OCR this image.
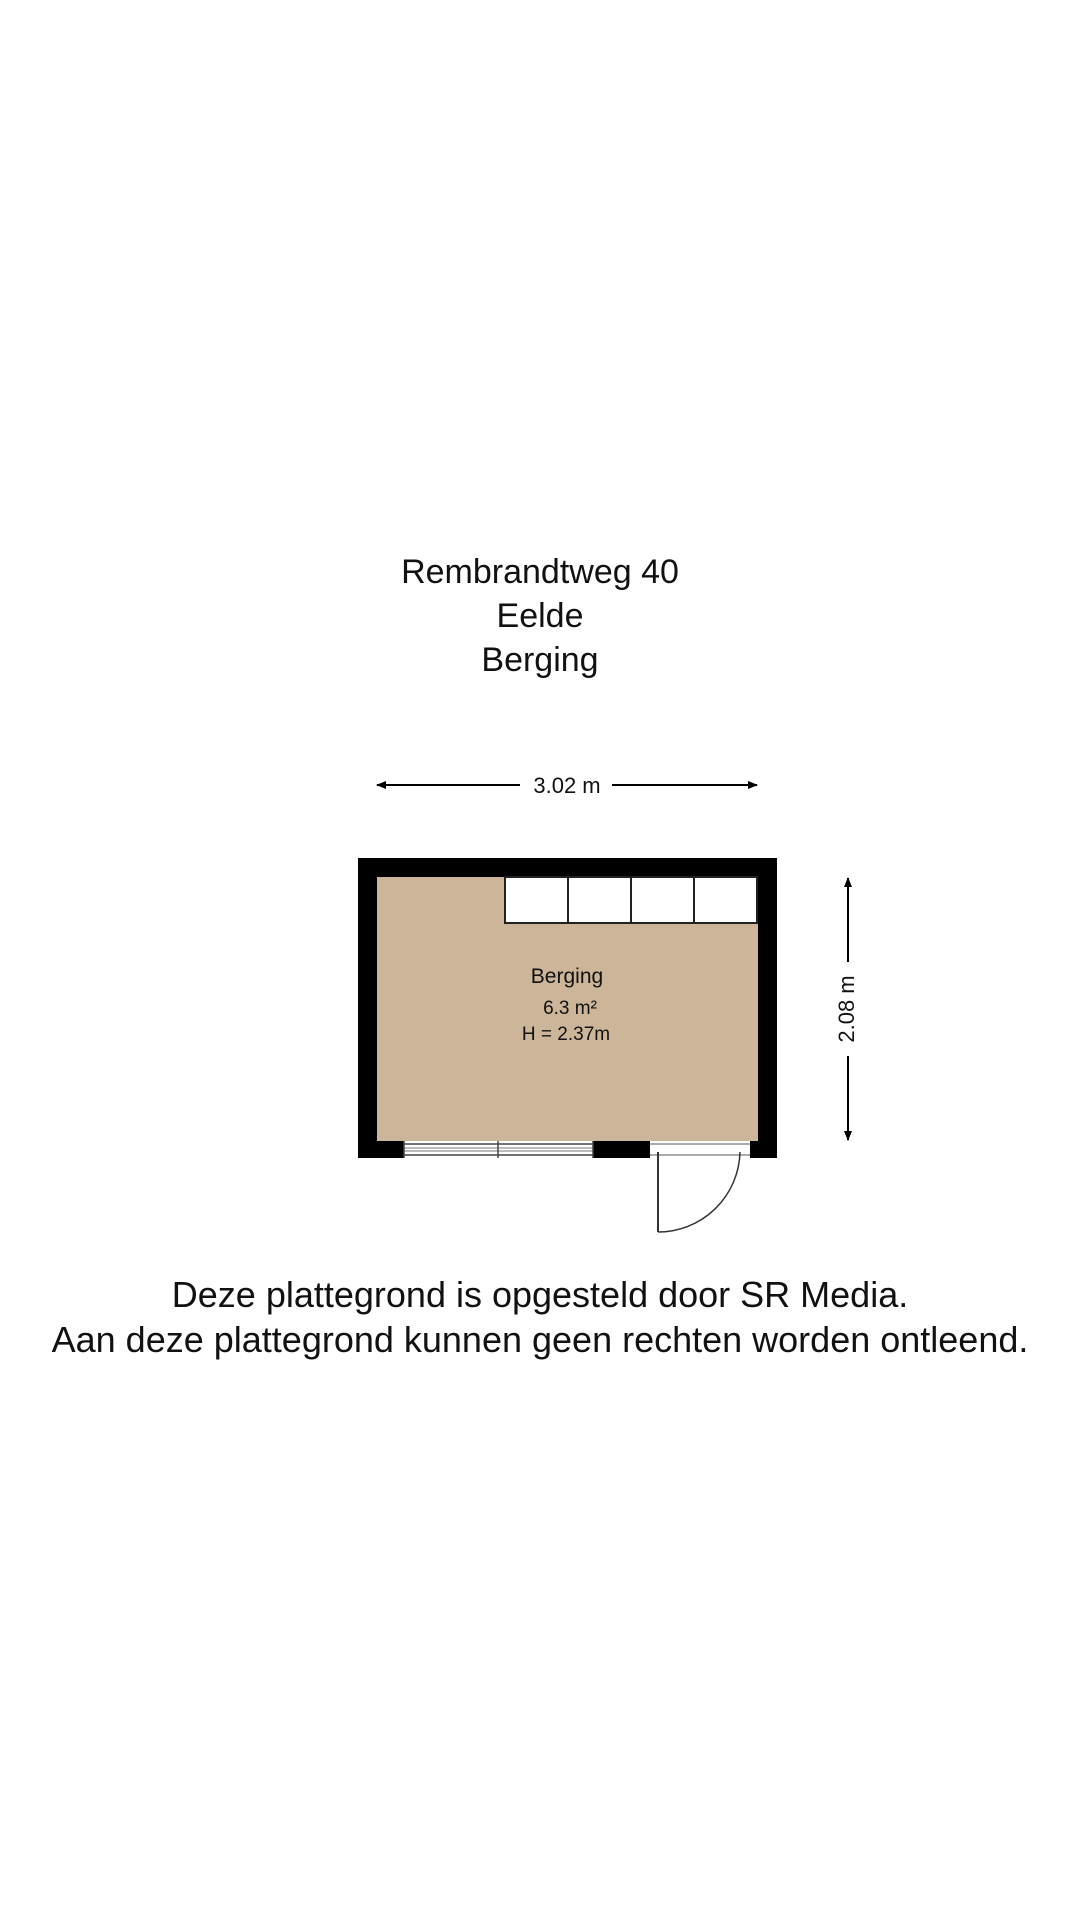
Rembrandtweg 40
Eelde
Berging
3.02 m
2.08 m
Berging
6.3 m²
H = 2.37m
Deze plattegrond is opgesteld door SR Media.
Aan deze plattegrond kunnen geen rechten worden ontleend.
